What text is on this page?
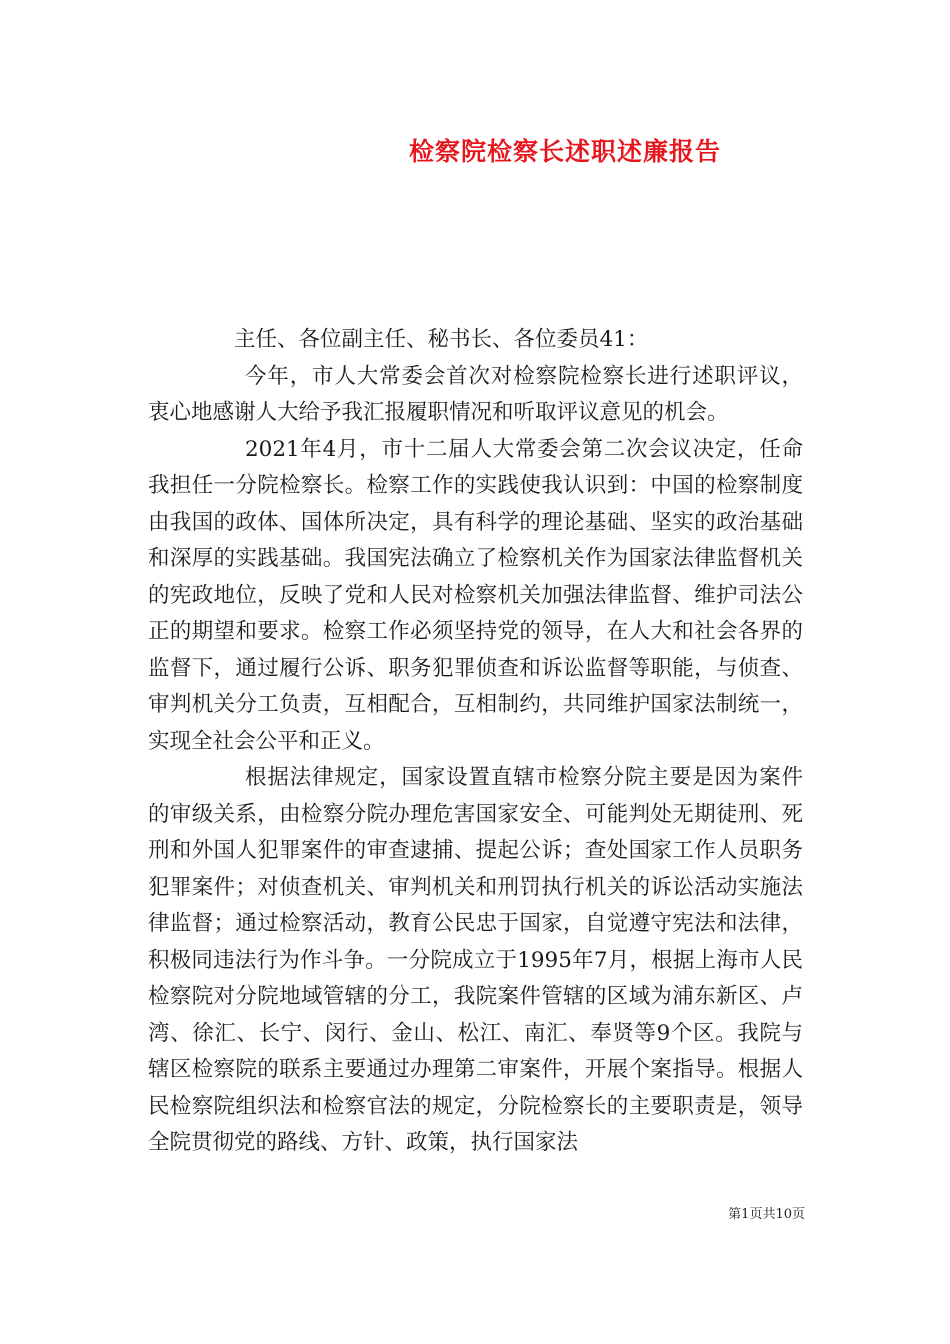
检察院检察长述职述廉报告

主任、各位副主任、秘书长、各位委员41：

今年，市人大常委会首次对检察院检察长进行述职评议，衷心地感谢人大给予我汇报履职情况和听取评议意见的机会。

2021年4月，市十二届人大常委会第二次会议决定，任命我担任一分院检察长。检察工作的实践使我认识到：中国的检察制度由我国的政体、国体所决定，具有科学的理论基础、坚实的政治基础和深厚的实践基础。我国宪法确立了检察机关作为国家法律监督机关的宪政地位，反映了党和人民对检察机关加强法律监督、维护司法公正的期望和要求。检察工作必须坚持党的领导，在人大和社会各界的监督下，通过履行公诉、职务犯罪侦查和诉讼监督等职能，与侦查、审判机关分工负责，互相配合，互相制约，共同维护国家法制统一，实现全社会公平和正义。

根据法律规定，国家设置直辖市检察分院主要是因为案件的审级关系，由检察分院办理危害国家安全、可能判处无期徒刑、死刑和外国人犯罪案件的审查逮捕、提起公诉；查处国家工作人员职务犯罪案件；对侦查机关、审判机关和刑罚执行机关的诉讼活动实施法律监督；通过检察活动，教育公民忠于国家，自觉遵守宪法和法律，积极同违法行为作斗争。一分院成立于1995年7月，根据上海市人民检察院对分院地域管辖的分工，我院案件管辖的区域为浦东新区、卢湾、徐汇、长宁、闵行、金山、松江、南汇、奉贤等9个区。我院与辖区检察院的联系主要通过办理第二审案件，开展个案指导。根据人民检察院组织法和检察官法的规定，分院检察长的主要职责是，领导全院贯彻党的路线、方针、政策，执行国家法

第1页共10页
